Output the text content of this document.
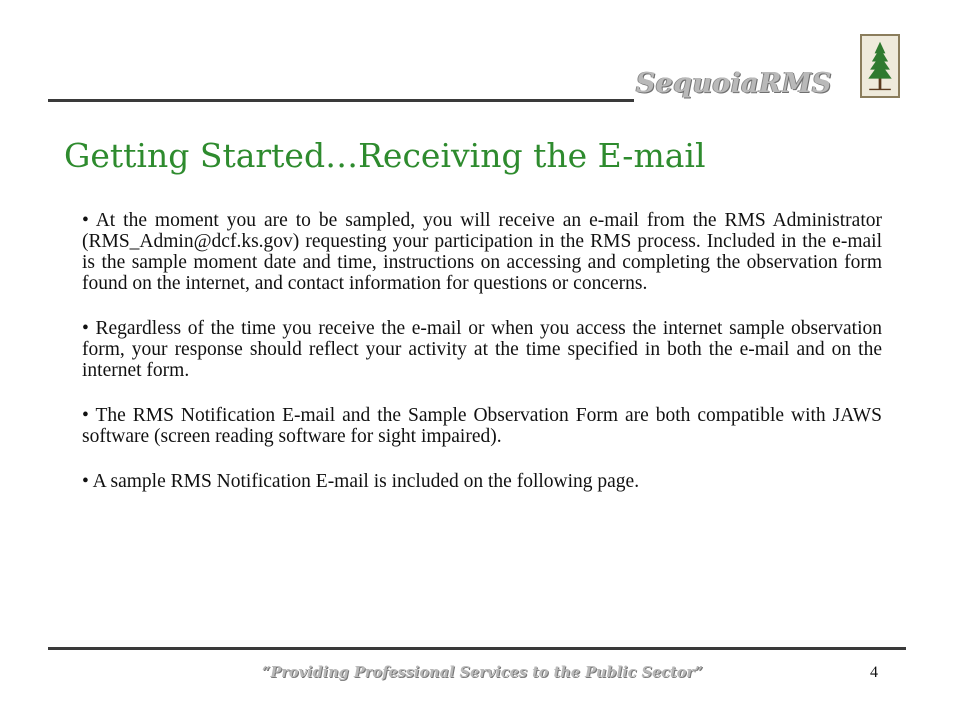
SequoiaRMS
Getting Started…Receiving the E-mail

• At the moment you are to be sampled, you will receive an e-mail from the RMS Administrator (RMS_Admin@dcf.ks.gov) requesting your participation in the RMS process. Included in the e-mail is the sample moment date and time, instructions on accessing and completing the observation form found on the internet, and contact information for questions or concerns.

• Regardless of the time you receive the e-mail or when you access the internet sample observation form, your response should reflect your activity at the time specified in both the e-mail and on the internet form.

• The RMS Notification E-mail and the Sample Observation Form are both compatible with JAWS software (screen reading software for sight impaired).

• A sample RMS Notification E-mail is included on the following page.

“Providing Professional Services to the Public Sector”	4
